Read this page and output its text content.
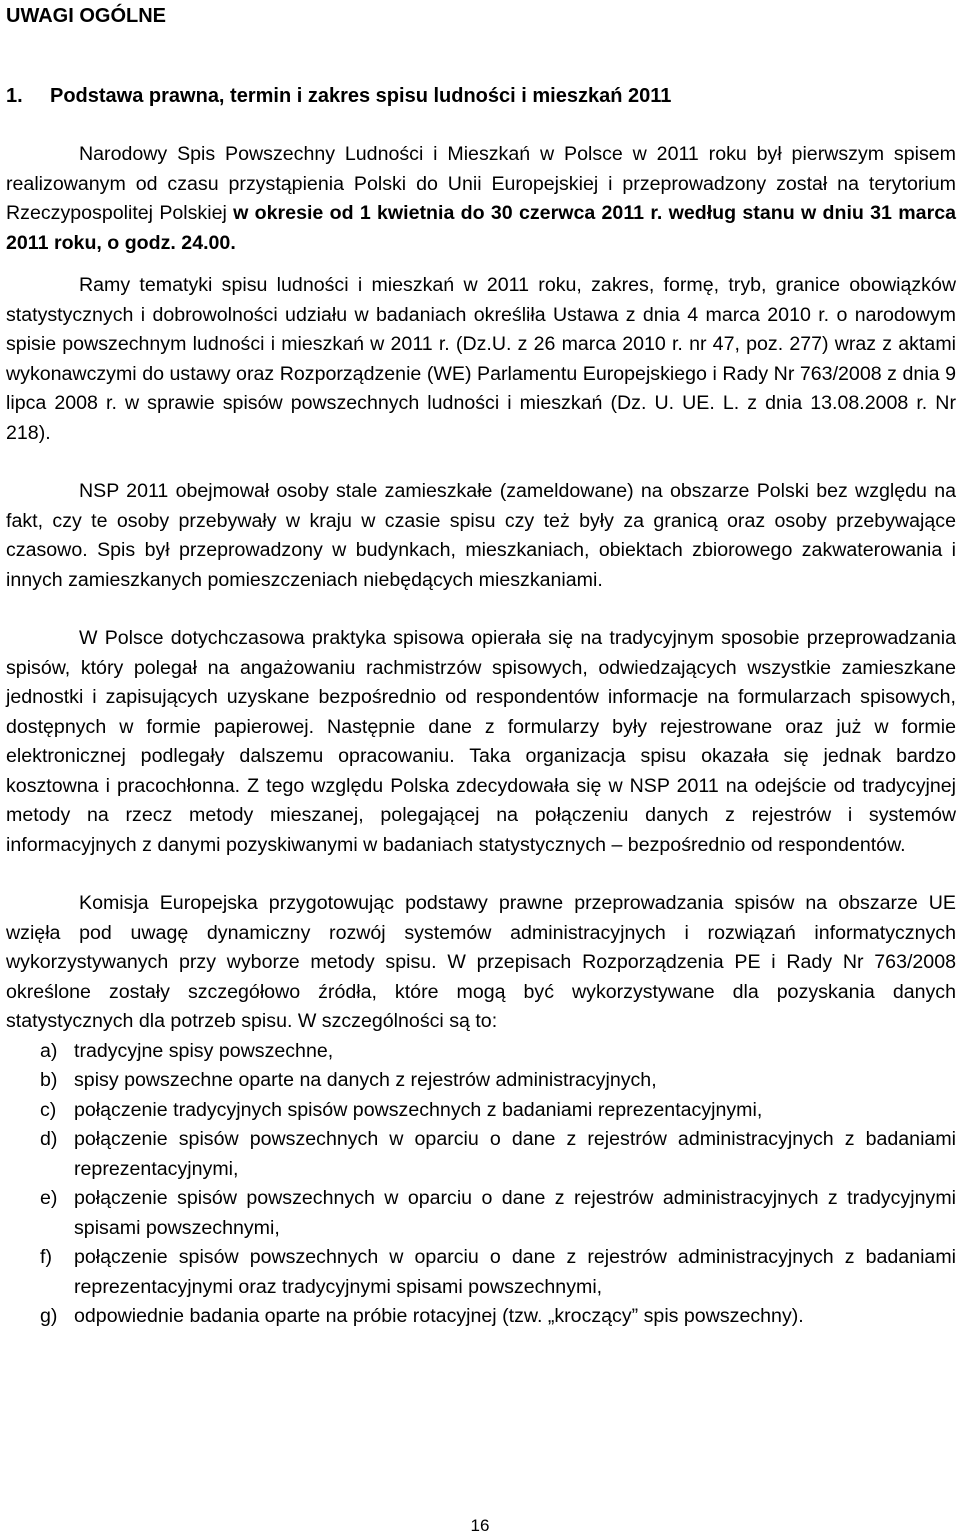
UWAGI OGÓLNE
1.	Podstawa prawna, termin i zakres spisu ludności i mieszkań 2011

Narodowy Spis Powszechny Ludności i Mieszkań w Polsce w 2011 roku był pierwszym spisem realizowanym od czasu przystąpienia Polski do Unii Europejskiej i przeprowadzony został na terytorium Rzeczypospolitej Polskiej w okresie od 1 kwietnia do 30 czerwca 2011 r. według stanu w dniu 31 marca 2011 roku, o godz. 24.00.

Ramy tematyki spisu ludności i mieszkań w 2011 roku, zakres, formę, tryb, granice obowiązków statystycznych i dobrowolności udziału w badaniach określiła Ustawa z dnia 4 marca 2010 r. o narodowym spisie powszechnym ludności i mieszkań w 2011 r. (Dz.U. z 26 marca 2010 r. nr 47, poz. 277) wraz z aktami wykonawczymi do ustawy oraz Rozporządzenie (WE) Parlamentu Europejskiego i Rady Nr 763/2008 z dnia 9 lipca 2008 r. w sprawie spisów powszechnych ludności i mieszkań (Dz. U. UE. L. z dnia 13.08.2008 r. Nr 218).

NSP 2011 obejmował osoby stale zamieszkałe (zameldowane) na obszarze Polski bez względu na fakt, czy te osoby przebywały w kraju w czasie spisu czy też były za granicą oraz osoby przebywające czasowo. Spis był przeprowadzony w budynkach, mieszkaniach, obiektach zbiorowego zakwaterowania i innych zamieszkanych pomieszczeniach niebędących mieszkaniami.

W Polsce dotychczasowa praktyka spisowa opierała się na tradycyjnym sposobie przeprowadzania spisów, który polegał na angażowaniu rachmistrzów spisowych, odwiedzających wszystkie zamieszkane jednostki i zapisujących uzyskane bezpośrednio od respondentów informacje na formularzach spisowych, dostępnych w formie papierowej. Następnie dane z formularzy były rejestrowane oraz już w formie elektronicznej podlegały dalszemu opracowaniu. Taka organizacja spisu okazała się jednak bardzo kosztowna i pracochłonna. Z tego względu Polska zdecydowała się w NSP 2011 na odejście od tradycyjnej metody na rzecz metody mieszanej, polegającej na połączeniu danych z rejestrów i systemów informacyjnych z danymi pozyskiwanymi w badaniach statystycznych – bezpośrednio od respondentów.

Komisja Europejska przygotowując podstawy prawne przeprowadzania spisów na obszarze UE wzięła pod uwagę dynamiczny rozwój systemów administracyjnych i rozwiązań informatycznych wykorzystywanych przy wyborze metody spisu. W przepisach Rozporządzenia PE i Rady Nr 763/2008 określone zostały szczegółowo źródła, które mogą być wykorzystywane dla pozyskania danych statystycznych dla potrzeb spisu. W szczególności są to:

a) tradycyjne spisy powszechne,
b) spisy powszechne oparte na danych z rejestrów administracyjnych,
c) połączenie tradycyjnych spisów powszechnych z badaniami reprezentacyjnymi,
d) połączenie spisów powszechnych w oparciu o dane z rejestrów administracyjnych z badaniami reprezentacyjnymi,
e) połączenie spisów powszechnych w oparciu o dane z rejestrów administracyjnych z tradycyjnymi spisami powszechnymi,
f)	połączenie spisów powszechnych w oparciu o dane z rejestrów administracyjnych z badaniami reprezentacyjnymi oraz tradycyjnymi spisami powszechnymi,
g) odpowiednie badania oparte na próbie rotacyjnej (tzw. „kroczący” spis powszechny).
16
